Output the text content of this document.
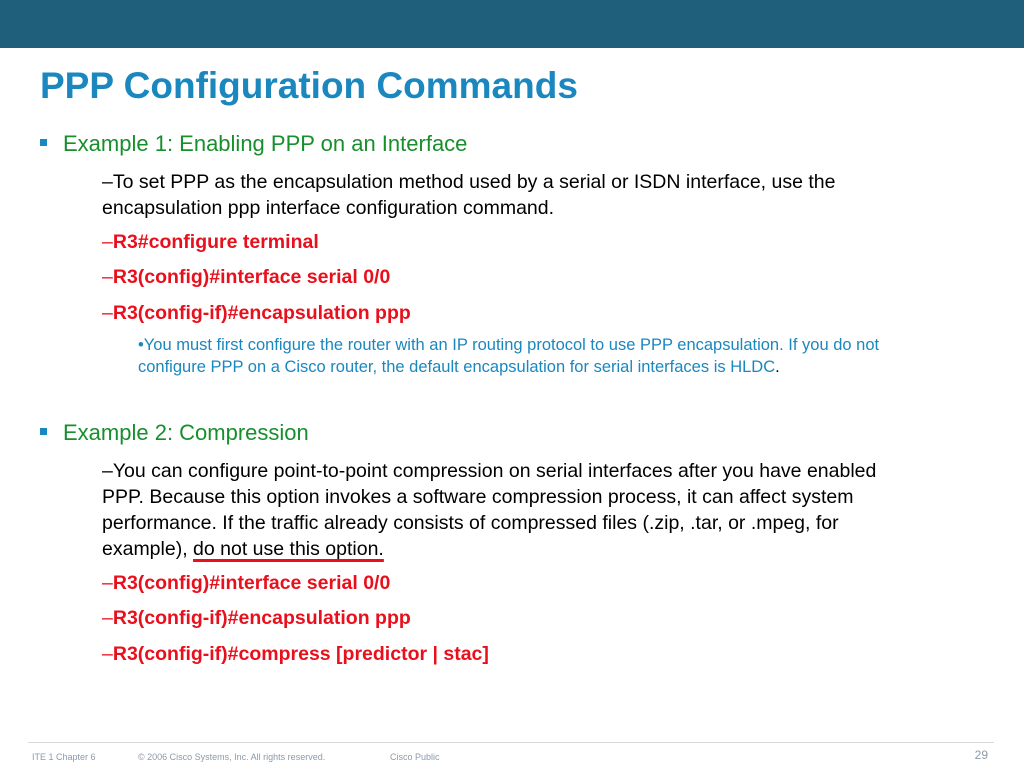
PPP Configuration Commands
Example 1: Enabling PPP on an Interface
–To set PPP as the encapsulation method used by a serial or ISDN interface, use the encapsulation ppp interface configuration command.
–R3#configure terminal
–R3(config)#interface serial 0/0
–R3(config-if)#encapsulation ppp
•You must first configure the router with an IP routing protocol to use PPP encapsulation. If you do not configure PPP on a Cisco router, the default encapsulation for serial interfaces is HLDC.
Example 2: Compression
–You can configure point-to-point compression on serial interfaces after you have enabled PPP. Because this option invokes a software compression process, it can affect system performance. If the traffic already consists of compressed files (.zip, .tar, or .mpeg, for example), do not use this option.
–R3(config)#interface serial 0/0
–R3(config-if)#encapsulation ppp
–R3(config-if)#compress [predictor | stac]
ITE 1 Chapter 6	© 2006 Cisco Systems, Inc. All rights reserved.	Cisco Public	29
